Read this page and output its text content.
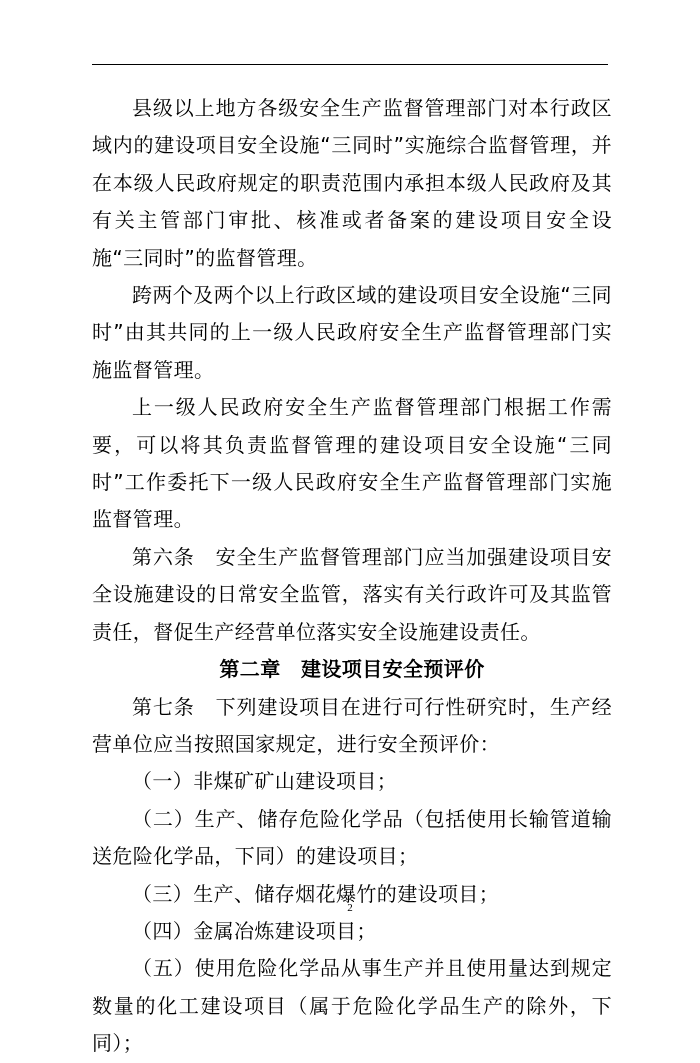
县级以上地方各级安全生产监督管理部门对本行政区域内的建设项目安全设施“三同时”实施综合监督管理，并在本级人民政府规定的职责范围内承担本级人民政府及其有关主管部门审批、核准或者备案的建设项目安全设施“三同时”的监督管理。

跨两个及两个以上行政区域的建设项目安全设施“三同时”由其共同的上一级人民政府安全生产监督管理部门实施监督管理。

上一级人民政府安全生产监督管理部门根据工作需要，可以将其负责监督管理的建设项目安全设施“三同时”工作委托下一级人民政府安全生产监督管理部门实施监督管理。

第六条　安全生产监督管理部门应当加强建设项目安全设施建设的日常安全监管，落实有关行政许可及其监管责任，督促生产经营单位落实安全设施建设责任。

第二章　建设项目安全预评价

第七条　下列建设项目在进行可行性研究时，生产经营单位应当按照国家规定，进行安全预评价：

（一）非煤矿矿山建设项目；

（二）生产、储存危险化学品（包括使用长输管道输送危险化学品，下同）的建设项目；

（三）生产、储存烟花爆竹的建设项目；

（四）金属冶炼建设项目；

（五）使用危险化学品从事生产并且使用量达到规定数量的化工建设项目（属于危险化学品生产的除外，下同）；

2
